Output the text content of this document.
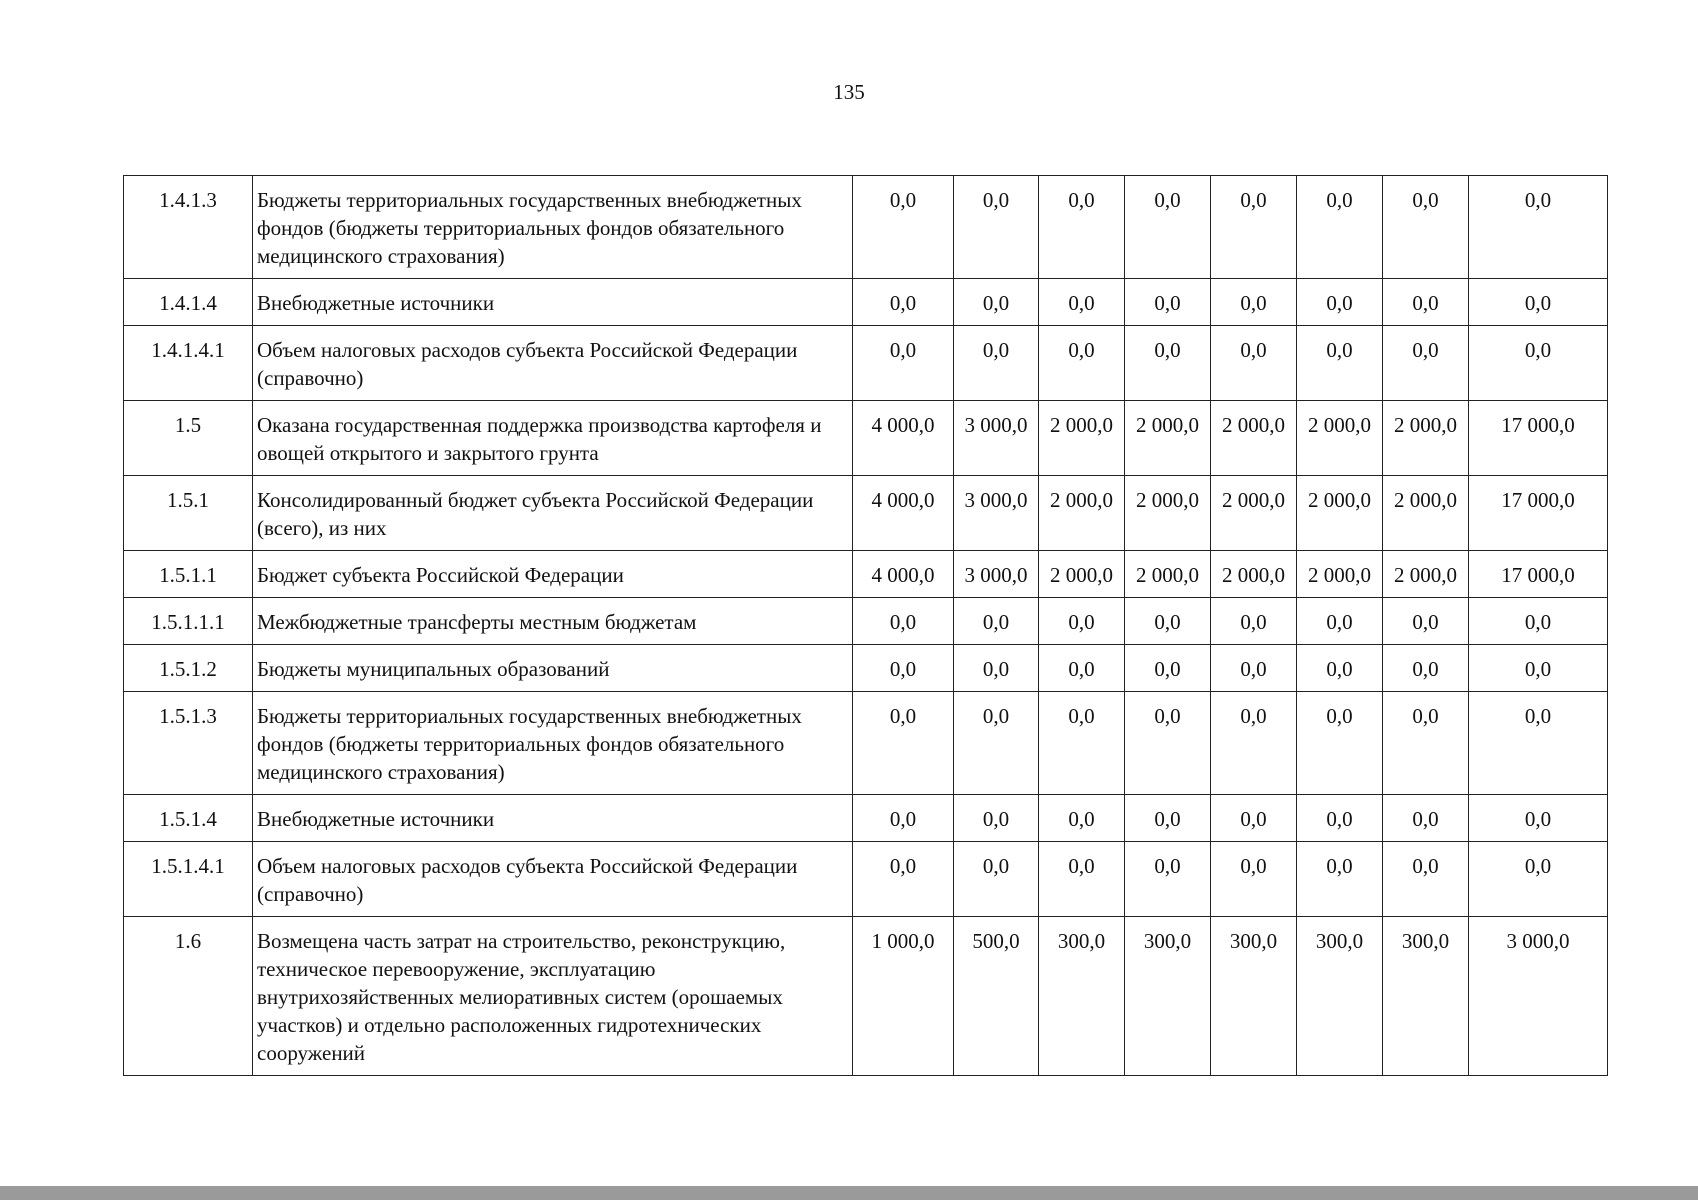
135
1.4.1.3	Бюджеты территориальных государственных внебюджетных фондов (бюджеты территориальных фондов обязательного медицинского страхования)	0,0	0,0	0,0	0,0	0,0	0,0	0,0	0,0
1.4.1.4	Внебюджетные источники	0,0	0,0	0,0	0,0	0,0	0,0	0,0	0,0
1.4.1.4.1	Объем налоговых расходов субъекта Российской Федерации (справочно)	0,0	0,0	0,0	0,0	0,0	0,0	0,0	0,0
1.5	Оказана государственная поддержка производства картофеля и овощей открытого и закрытого грунта	4 000,0	3 000,0	2 000,0	2 000,0	2 000,0	2 000,0	2 000,0	17 000,0
1.5.1	Консолидированный бюджет субъекта Российской Федерации (всего), из них	4 000,0	3 000,0	2 000,0	2 000,0	2 000,0	2 000,0	2 000,0	17 000,0
1.5.1.1	Бюджет субъекта Российской Федерации	4 000,0	3 000,0	2 000,0	2 000,0	2 000,0	2 000,0	2 000,0	17 000,0
1.5.1.1.1	Межбюджетные трансферты местным бюджетам	0,0	0,0	0,0	0,0	0,0	0,0	0,0	0,0
1.5.1.2	Бюджеты муниципальных образований	0,0	0,0	0,0	0,0	0,0	0,0	0,0	0,0
1.5.1.3	Бюджеты территориальных государственных внебюджетных фондов (бюджеты территориальных фондов обязательного медицинского страхования)	0,0	0,0	0,0	0,0	0,0	0,0	0,0	0,0
1.5.1.4	Внебюджетные источники	0,0	0,0	0,0	0,0	0,0	0,0	0,0	0,0
1.5.1.4.1	Объем налоговых расходов субъекта Российской Федерации (справочно)	0,0	0,0	0,0	0,0	0,0	0,0	0,0	0,0
1.6	Возмещена часть затрат на строительство, реконструкцию, техническое перевооружение, эксплуатацию внутрихозяйственных мелиоративных систем (орошаемых участков) и отдельно расположенных гидротехнических сооружений	1 000,0	500,0	300,0	300,0	300,0	300,0	300,0	3 000,0
